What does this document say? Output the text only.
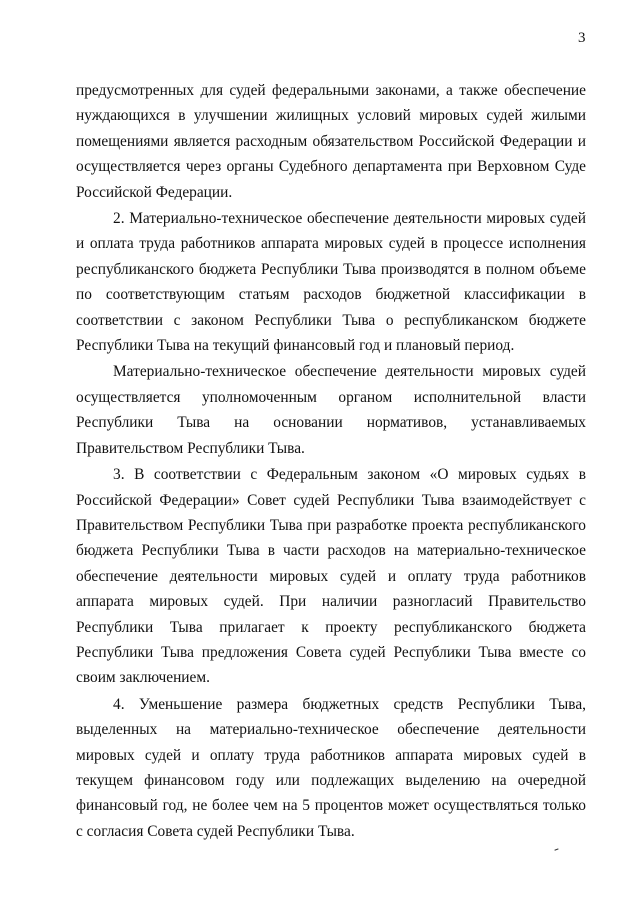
3

предусмотренных для судей федеральными законами, а также обеспечение нуждающихся в улучшении жилищных условий мировых судей жилыми помещениями является расходным обязательством Российской Федерации и осуществляется через органы Судебного департамента при Верховном Суде Российской Федерации.

2. Материально-техническое обеспечение деятельности мировых судей и оплата труда работников аппарата мировых судей в процессе исполнения республиканского бюджета Республики Тыва производятся в полном объеме по соответствующим статьям расходов бюджетной классификации в соответствии с законом Республики Тыва о республиканском бюджете Республики Тыва на текущий финансовый год и плановый период.

Материально-техническое обеспечение деятельности мировых судей осуществляется уполномоченным органом исполнительной власти Республики Тыва на основании нормативов, устанавливаемых Правительством Республики Тыва.

3. В соответствии с Федеральным законом «О мировых судьях в Российской Федерации» Совет судей Республики Тыва взаимодействует с Правительством Республики Тыва при разработке проекта республиканского бюджета Республики Тыва в части расходов на материально-техническое обеспечение деятельности мировых судей и оплату труда работников аппарата мировых судей. При наличии разногласий Правительство Республики Тыва прилагает к проекту республиканского бюджета Республики Тыва предложения Совета судей Республики Тыва вместе со своим заключением.

4. Уменьшение размера бюджетных средств Республики Тыва, выделенных на материально-техническое обеспечение деятельности мировых судей и оплату труда работников аппарата мировых судей в текущем финансовом году или подлежащих выделению на очередной финансовый год, не более чем на 5 процентов может осуществляться только с согласия Совета судей Республики Тыва.
